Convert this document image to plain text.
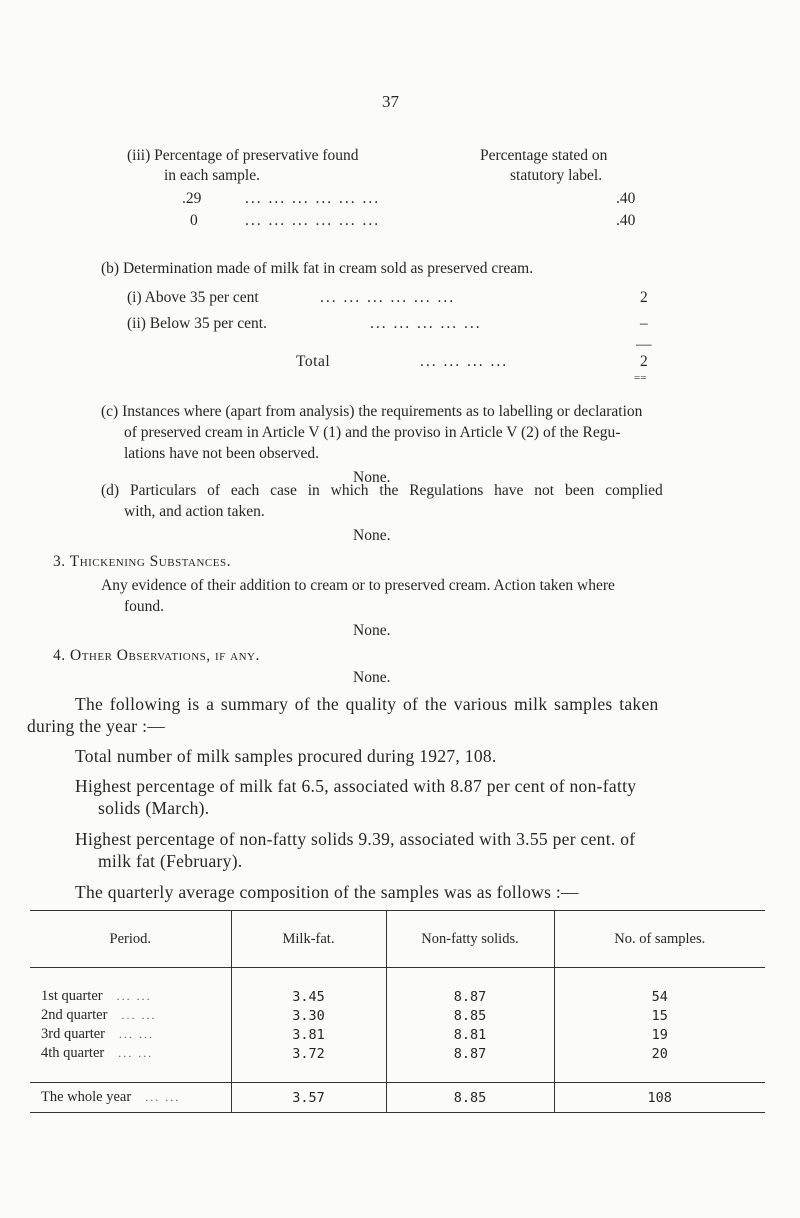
37
(iii) Percentage of preservative found
in each sample.
Percentage stated on
statutory label.
.29	... ... ... ... ... ...	.40
0	... ... ... ... ... ...	.40
(b) Determination made of milk fat in cream sold as preserved cream.
(i) Above 35 per cent	... ... ... ... ... ...	2
(ii) Below 35 per cent.	... ... ... ... ...	–
—
Total	... ... ... ...	2
==
(c) Instances where (apart from analysis) the requirements as to labelling or declaration
of preserved cream in Article V (1) and the proviso in Article V (2) of the Regu-
lations have not been observed.
None.
(d) Particulars of each case in which the Regulations have not been complied
with, and action taken.
None.
3. Thickening Substances.
Any evidence of their addition to cream or to preserved cream. Action taken where
found.
None.
4. Other Observations, if any.
None.
The following is a summary of the quality of the various milk samples taken
during the year :—
Total number of milk samples procured during 1927, 108.
Highest percentage of milk fat 6.5, associated with 8.87 per cent of non-fatty
solids (March).
Highest percentage of non-fatty solids 9.39, associated with 3.55 per cent. of
milk fat (February).
The quarterly average composition of the samples was as follows :—
Period.	Milk-fat.	Non-fatty solids.	No. of samples.

1st quarter ... ...	3.45	8.87	54
2nd quarter ... ...	3.30	8.85	15
3rd quarter ... ...	3.81	8.81	19
4th quarter ... ...	3.72	8.87	20

The whole year ... ...	3.57	8.85	108
